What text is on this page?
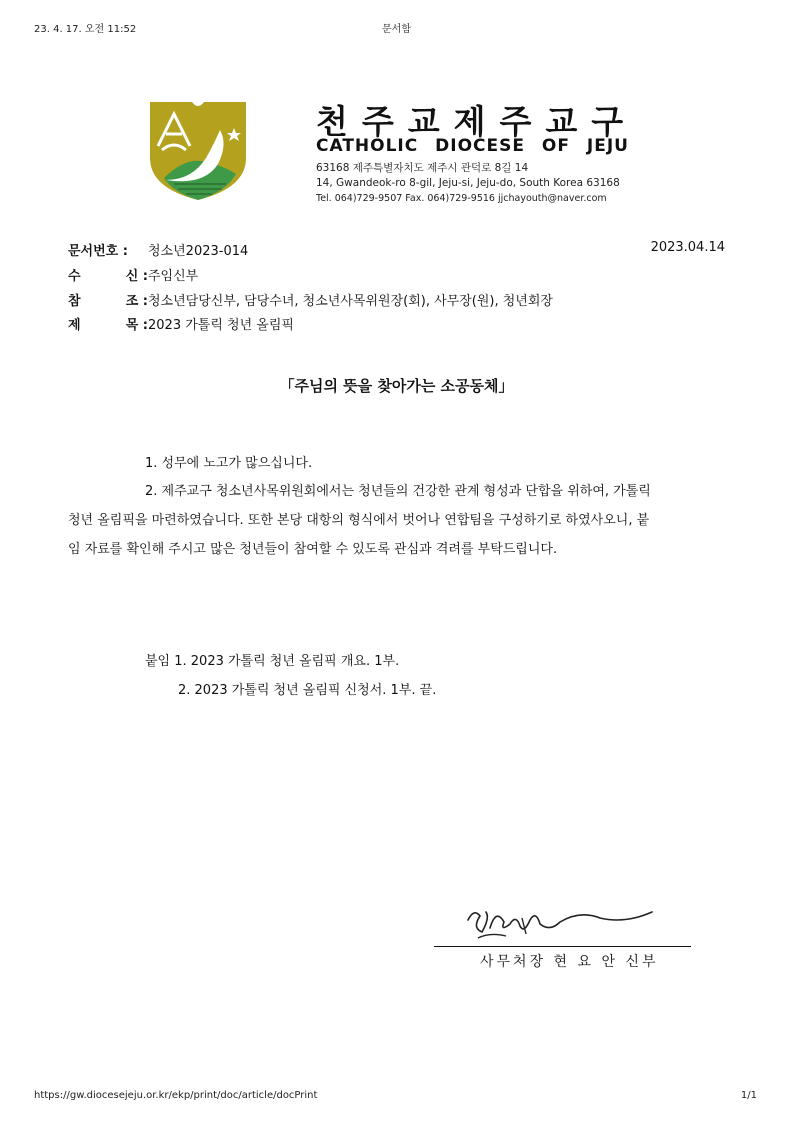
23. 4. 17. 오전 11:52	문서함
천주교제주교구
CATHOLIC DIOCESE OF JEJU
63168 제주특별자치도 제주시 관덕로 8길 14
14, Gwandeok-ro 8-gil, Jeju-si, Jeju-do, South Korea 63168
Tel. 064)729-9507 Fax. 064)729-9516 jjchayouth@naver.com
문서번호 :	청소년2023-014	2023.04.14
수	신 : 주임신부
참	조 : 청소년담당신부, 담당수녀, 청소년사목위원장(회), 사무장(원), 청년회장
제	목 : 2023 가톨릭 청년 올림픽
「주님의 뜻을 찾아가는 소공동체」
1. 성무에 노고가 많으십니다.
2. 제주교구 청소년사목위원회에서는 청년들의 건강한 관계 형성과 단합을 위하여, 가톨릭
청년 올림픽을 마련하였습니다. 또한 본당 대항의 형식에서 벗어나 연합팀을 구성하기로 하였사오니, 붙
임 자료를 확인해 주시고 많은 청년들이 참여할 수 있도록 관심과 격려를 부탁드립니다.
붙임 1. 2023 가톨릭 청년 올림픽 개요. 1부.
2. 2023 가톨릭 청년 올림픽 신청서. 1부. 끝.
사무처장 현 요 안 신부
https://gw.diocesejeju.or.kr/ekp/print/doc/article/docPrint	1/1
